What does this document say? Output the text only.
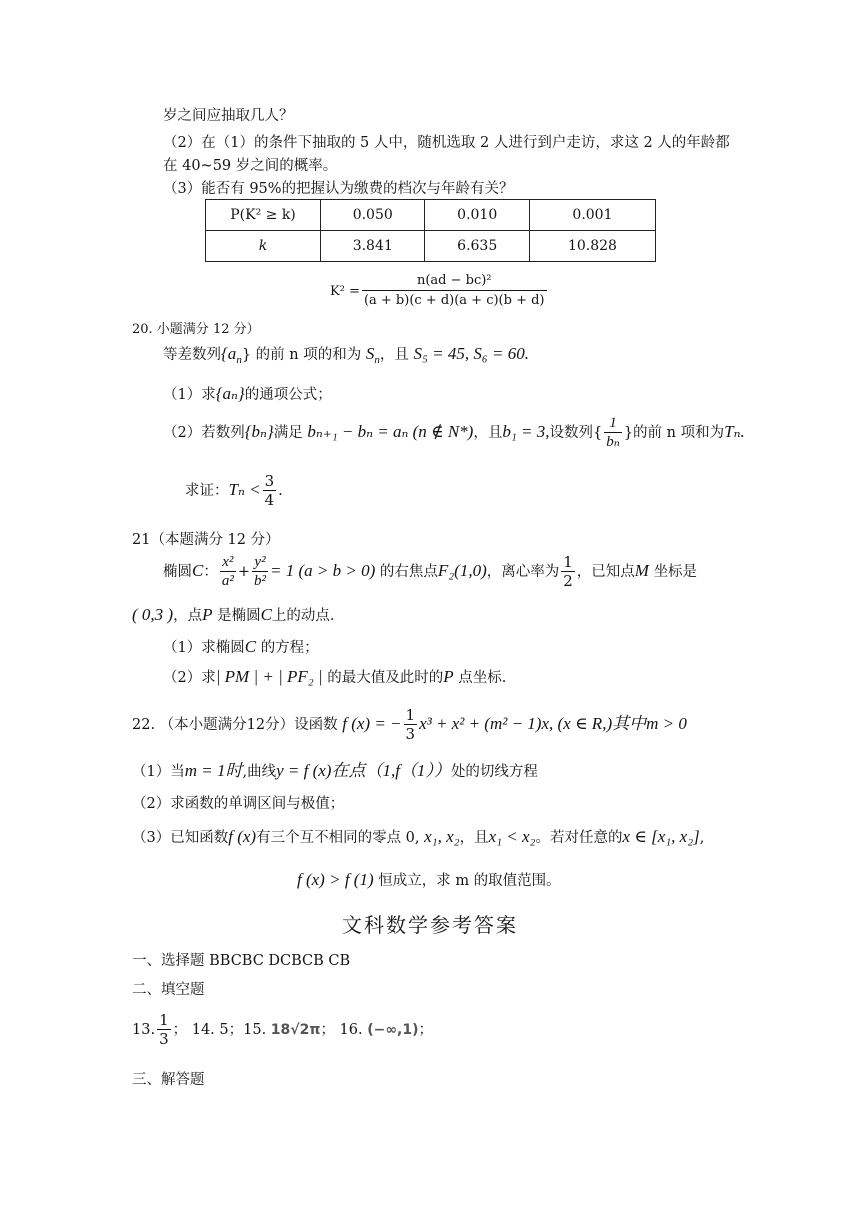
岁之间应抽取几人？
（2）在（1）的条件下抽取的 5 人中，随机选取 2 人进行到户走访，求这 2 人的年龄都
在 40~59 岁之间的概率。
（3）能否有 95%的把握认为缴费的档次与年龄有关？
P(K² ≥ k)	0.050	0.010	0.001
k	3.841	6.635	10.828
$K^2 = \frac{\text{n(ad − bc)²}}{(a + b)(c + d)(a + c)(b + d)}$
20. 小题满分 12 分）
等差数列$\{a_n\}$ 的前 n 项的和为 $S_n$，且 S₅ = 45, S₆ = 60.
（1）求{aₙ}的通项公式；
（2）若数列{bₙ}满足 bₙ₊₁ − bₙ = aₙ (n ∉ N*)，且b₁ = 3,设数列{ $\frac{1}{\text{bₙ}}$ }的前 n 项和为Tₙ.
求证：$T_n < \frac{3}{4}$ .
21（本题满分 12 分）
椭圆C： $\frac{\text{x²}}{\text{a²}} + \frac{\text{y²}}{\text{b²}} = 1$ (a > b > 0) 的右焦点F₂(1,0)，离心率为 $\frac{1}{2}$ ，已知点M 坐标是
( 0,3 )，点P 是椭圆C上的动点.
（1）求椭圆C 的方程；
（2）求| PM | + | PF₂ | 的最大值及此时的P 点坐标.
22. （本小题满分12分）设函数 f (x) = − $\frac{1}{3} x^3 + x^2 + (m^2 - 1)x$, (x ∈ R,)其中m > 0
（1）当m = 1时,曲线y = f (x)在点（1,f（1））处的切线方程
（2）求函数的单调区间与极值；
（3）已知函数f (x)有三个互不相同的零点 0, x₁, x₂，且x₁ < x₂。若对任意的x ∈ [x₁, x₂],
f (x) > f (1) 恒成立，求 m 的取值范围。
文科数学参考答案
一、选择题 BBCBC DCBCB CB
二、填空题
13. $\frac{1}{3}$ ； 14. 5；15. 18√2π； 16. (−∞,1)；
三、解答题
